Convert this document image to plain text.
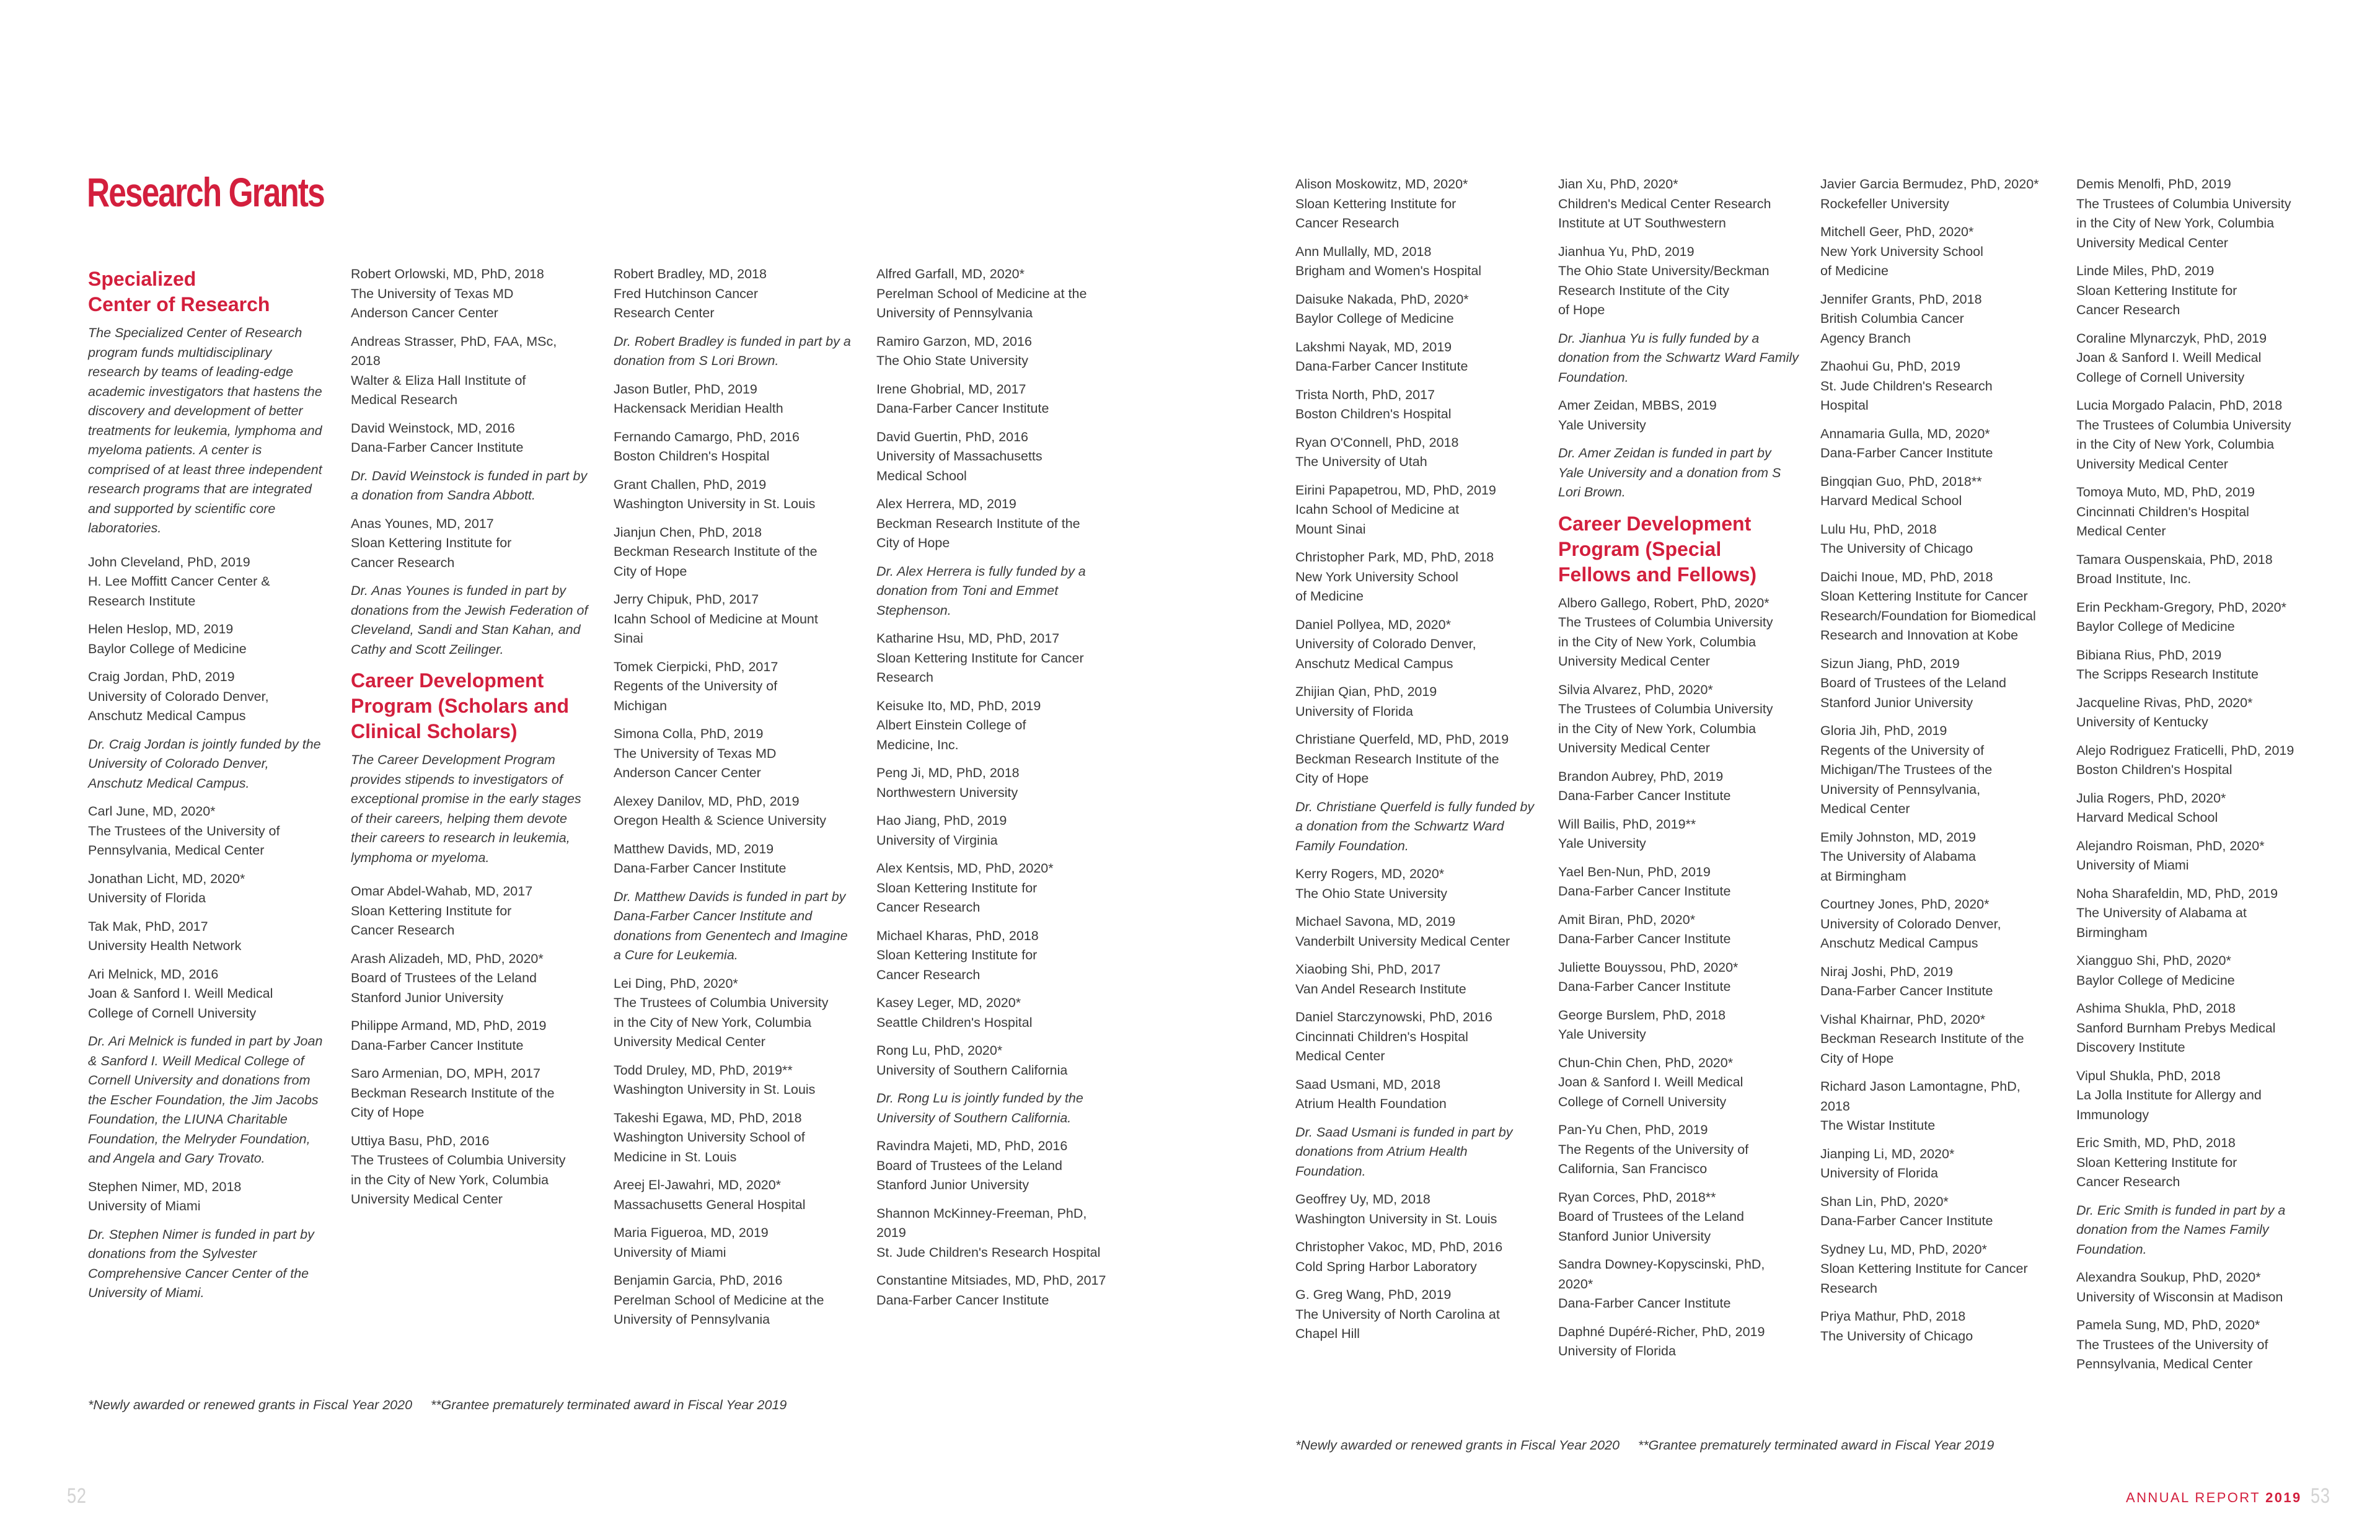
Research Grants
Specialized
Center of Research
The Specialized Center of Research program funds multidisciplinary research by teams of leading-edge academic investigators that hastens the discovery and development of better treatments for leukemia, lymphoma and myeloma patients. A center is comprised of at least three independent research programs that are integrated and supported by scientific core laboratories.
John Cleveland, PhD, 2019
H. Lee Moffitt Cancer Center &
Research Institute
Helen Heslop, MD, 2019
Baylor College of Medicine
Craig Jordan, PhD, 2019
University of Colorado Denver,
Anschutz Medical Campus
Dr. Craig Jordan is jointly funded by the University of Colorado Denver, Anschutz Medical Campus.
Carl June, MD, 2020*
The Trustees of the University of
Pennsylvania, Medical Center
Jonathan Licht, MD, 2020*
University of Florida
Tak Mak, PhD, 2017
University Health Network
Ari Melnick, MD, 2016
Joan & Sanford I. Weill Medical
College of Cornell University
Dr. Ari Melnick is funded in part by Joan & Sanford I. Weill Medical College of Cornell University and donations from the Escher Foundation, the Jim Jacobs Foundation, the LIUNA Charitable Foundation, the Melryder Foundation, and Angela and Gary Trovato.
Stephen Nimer, MD, 2018
University of Miami
Dr. Stephen Nimer is funded in part by donations from the Sylvester Comprehensive Cancer Center of the University of Miami.
Robert Orlowski, MD, PhD, 2018
The University of Texas MD
Anderson Cancer Center
Andreas Strasser, PhD, FAA, MSc,
2018
Walter & Eliza Hall Institute of
Medical Research
David Weinstock, MD, 2016
Dana-Farber Cancer Institute
Dr. David Weinstock is funded in part by a donation from Sandra Abbott.
Anas Younes, MD, 2017
Sloan Kettering Institute for
Cancer Research
Dr. Anas Younes is funded in part by donations from the Jewish Federation of Cleveland, Sandi and Stan Kahan, and Cathy and Scott Zeilinger.
Career Development
Program (Scholars and
Clinical Scholars)
The Career Development Program provides stipends to investigators of exceptional promise in the early stages of their careers, helping them devote their careers to research in leukemia, lymphoma or myeloma.
Omar Abdel-Wahab, MD, 2017
Sloan Kettering Institute for
Cancer Research
Arash Alizadeh, MD, PhD, 2020*
Board of Trustees of the Leland
Stanford Junior University
Philippe Armand, MD, PhD, 2019
Dana-Farber Cancer Institute
Saro Armenian, DO, MPH, 2017
Beckman Research Institute of the
City of Hope
Uttiya Basu, PhD, 2016
The Trustees of Columbia University
in the City of New York, Columbia
University Medical Center
Robert Bradley, MD, 2018
Fred Hutchinson Cancer
Research Center
Dr. Robert Bradley is funded in part by a donation from S Lori Brown.
Jason Butler, PhD, 2019
Hackensack Meridian Health
Fernando Camargo, PhD, 2016
Boston Children's Hospital
Grant Challen, PhD, 2019
Washington University in St. Louis
Jianjun Chen, PhD, 2018
Beckman Research Institute of the
City of Hope
Jerry Chipuk, PhD, 2017
Icahn School of Medicine at Mount
Sinai
Tomek Cierpicki, PhD, 2017
Regents of the University of
Michigan
Simona Colla, PhD, 2019
The University of Texas MD
Anderson Cancer Center
Alexey Danilov, MD, PhD, 2019
Oregon Health & Science University
Matthew Davids, MD, 2019
Dana-Farber Cancer Institute
Dr. Matthew Davids is funded in part by Dana-Farber Cancer Institute and donations from Genentech and Imagine a Cure for Leukemia.
Lei Ding, PhD, 2020*
The Trustees of Columbia University
in the City of New York, Columbia
University Medical Center
Todd Druley, MD, PhD, 2019**
Washington University in St. Louis
Takeshi Egawa, MD, PhD, 2018
Washington University School of
Medicine in St. Louis
Areej El-Jawahri, MD, 2020*
Massachusetts General Hospital
Maria Figueroa, MD, 2019
University of Miami
Benjamin Garcia, PhD, 2016
Perelman School of Medicine at the
University of Pennsylvania
Alfred Garfall, MD, 2020*
Perelman School of Medicine at the
University of Pennsylvania
Ramiro Garzon, MD, 2016
The Ohio State University
Irene Ghobrial, MD, 2017
Dana-Farber Cancer Institute
David Guertin, PhD, 2016
University of Massachusetts
Medical School
Alex Herrera, MD, 2019
Beckman Research Institute of the
City of Hope
Dr. Alex Herrera is fully funded by a donation from Toni and Emmet Stephenson.
Katharine Hsu, MD, PhD, 2017
Sloan Kettering Institute for Cancer
Research
Keisuke Ito, MD, PhD, 2019
Albert Einstein College of
Medicine, Inc.
Peng Ji, MD, PhD, 2018
Northwestern University
Hao Jiang, PhD, 2019
University of Virginia
Alex Kentsis, MD, PhD, 2020*
Sloan Kettering Institute for
Cancer Research
Michael Kharas, PhD, 2018
Sloan Kettering Institute for
Cancer Research
Kasey Leger, MD, 2020*
Seattle Children's Hospital
Rong Lu, PhD, 2020*
University of Southern California
Dr. Rong Lu is jointly funded by the University of Southern California.
Ravindra Majeti, MD, PhD, 2016
Board of Trustees of the Leland
Stanford Junior University
Shannon McKinney-Freeman, PhD,
2019
St. Jude Children's Research Hospital
Constantine Mitsiades, MD, PhD, 2017
Dana-Farber Cancer Institute
Alison Moskowitz, MD, 2020*
Sloan Kettering Institute for
Cancer Research
Ann Mullally, MD, 2018
Brigham and Women's Hospital
Daisuke Nakada, PhD, 2020*
Baylor College of Medicine
Lakshmi Nayak, MD, 2019
Dana-Farber Cancer Institute
Trista North, PhD, 2017
Boston Children's Hospital
Ryan O'Connell, PhD, 2018
The University of Utah
Eirini Papapetrou, MD, PhD, 2019
Icahn School of Medicine at
Mount Sinai
Christopher Park, MD, PhD, 2018
New York University School
of Medicine
Daniel Pollyea, MD, 2020*
University of Colorado Denver,
Anschutz Medical Campus
Zhijian Qian, PhD, 2019
University of Florida
Christiane Querfeld, MD, PhD, 2019
Beckman Research Institute of the
City of Hope
Dr. Christiane Querfeld is fully funded by a donation from the Schwartz Ward Family Foundation.
Kerry Rogers, MD, 2020*
The Ohio State University
Michael Savona, MD, 2019
Vanderbilt University Medical Center
Xiaobing Shi, PhD, 2017
Van Andel Research Institute
Daniel Starczynowski, PhD, 2016
Cincinnati Children's Hospital
Medical Center
Saad Usmani, MD, 2018
Atrium Health Foundation
Dr. Saad Usmani is funded in part by donations from Atrium Health Foundation.
Geoffrey Uy, MD, 2018
Washington University in St. Louis
Christopher Vakoc, MD, PhD, 2016
Cold Spring Harbor Laboratory
G. Greg Wang, PhD, 2019
The University of North Carolina at
Chapel Hill
Jian Xu, PhD, 2020*
Children's Medical Center Research
Institute at UT Southwestern
Jianhua Yu, PhD, 2019
The Ohio State University/Beckman
Research Institute of the City
of Hope
Dr. Jianhua Yu is fully funded by a donation from the Schwartz Ward Family Foundation.
Amer Zeidan, MBBS, 2019
Yale University
Dr. Amer Zeidan is funded in part by Yale University and a donation from S Lori Brown.
Career Development
Program (Special
Fellows and Fellows)
Albero Gallego, Robert, PhD, 2020*
The Trustees of Columbia University
in the City of New York, Columbia
University Medical Center
Silvia Alvarez, PhD, 2020*
The Trustees of Columbia University
in the City of New York, Columbia
University Medical Center
Brandon Aubrey, PhD, 2019
Dana-Farber Cancer Institute
Will Bailis, PhD, 2019**
Yale University
Yael Ben-Nun, PhD, 2019
Dana-Farber Cancer Institute
Amit Biran, PhD, 2020*
Dana-Farber Cancer Institute
Juliette Bouyssou, PhD, 2020*
Dana-Farber Cancer Institute
George Burslem, PhD, 2018
Yale University
Chun-Chin Chen, PhD, 2020*
Joan & Sanford I. Weill Medical
College of Cornell University
Pan-Yu Chen, PhD, 2019
The Regents of the University of
California, San Francisco
Ryan Corces, PhD, 2018**
Board of Trustees of the Leland
Stanford Junior University
Sandra Downey-Kopyscinski, PhD,
2020*
Dana-Farber Cancer Institute
Daphné Dupéré-Richer, PhD, 2019
University of Florida
Javier Garcia Bermudez, PhD, 2020*
Rockefeller University
Mitchell Geer, PhD, 2020*
New York University School
of Medicine
Jennifer Grants, PhD, 2018
British Columbia Cancer
Agency Branch
Zhaohui Gu, PhD, 2019
St. Jude Children's Research
Hospital
Annamaria Gulla, MD, 2020*
Dana-Farber Cancer Institute
Bingqian Guo, PhD, 2018**
Harvard Medical School
Lulu Hu, PhD, 2018
The University of Chicago
Daichi Inoue, MD, PhD, 2018
Sloan Kettering Institute for Cancer
Research/Foundation for Biomedical
Research and Innovation at Kobe
Sizun Jiang, PhD, 2019
Board of Trustees of the Leland
Stanford Junior University
Gloria Jih, PhD, 2019
Regents of the University of
Michigan/The Trustees of the
University of Pennsylvania,
Medical Center
Emily Johnston, MD, 2019
The University of Alabama
at Birmingham
Courtney Jones, PhD, 2020*
University of Colorado Denver,
Anschutz Medical Campus
Niraj Joshi, PhD, 2019
Dana-Farber Cancer Institute
Vishal Khairnar, PhD, 2020*
Beckman Research Institute of the
City of Hope
Richard Jason Lamontagne, PhD,
2018
The Wistar Institute
Jianping Li, MD, 2020*
University of Florida
Shan Lin, PhD, 2020*
Dana-Farber Cancer Institute
Sydney Lu, MD, PhD, 2020*
Sloan Kettering Institute for Cancer
Research
Priya Mathur, PhD, 2018
The University of Chicago
Demis Menolfi, PhD, 2019
The Trustees of Columbia University
in the City of New York, Columbia
University Medical Center
Linde Miles, PhD, 2019
Sloan Kettering Institute for
Cancer Research
Coraline Mlynarczyk, PhD, 2019
Joan & Sanford I. Weill Medical
College of Cornell University
Lucia Morgado Palacin, PhD, 2018
The Trustees of Columbia University
in the City of New York, Columbia
University Medical Center
Tomoya Muto, MD, PhD, 2019
Cincinnati Children's Hospital
Medical Center
Tamara Ouspenskaia, PhD, 2018
Broad Institute, Inc.
Erin Peckham-Gregory, PhD, 2020*
Baylor College of Medicine
Bibiana Rius, PhD, 2019
The Scripps Research Institute
Jacqueline Rivas, PhD, 2020*
University of Kentucky
Alejo Rodriguez Fraticelli, PhD, 2019
Boston Children's Hospital
Julia Rogers, PhD, 2020*
Harvard Medical School
Alejandro Roisman, PhD, 2020*
University of Miami
Noha Sharafeldin, MD, PhD, 2019
The University of Alabama at
Birmingham
Xiangguo Shi, PhD, 2020*
Baylor College of Medicine
Ashima Shukla, PhD, 2018
Sanford Burnham Prebys Medical
Discovery Institute
Vipul Shukla, PhD, 2018
La Jolla Institute for Allergy and
Immunology
Eric Smith, MD, PhD, 2018
Sloan Kettering Institute for
Cancer Research
Dr. Eric Smith is funded in part by a donation from the Names Family Foundation.
Alexandra Soukup, PhD, 2020*
University of Wisconsin at Madison
Pamela Sung, MD, PhD, 2020*
The Trustees of the University of
Pennsylvania, Medical Center
*Newly awarded or renewed grants in Fiscal Year 2020     **Grantee prematurely terminated award in Fiscal Year 2019
*Newly awarded or renewed grants in Fiscal Year 2020     **Grantee prematurely terminated award in Fiscal Year 2019
52	ANNUAL REPORT 2019 53
